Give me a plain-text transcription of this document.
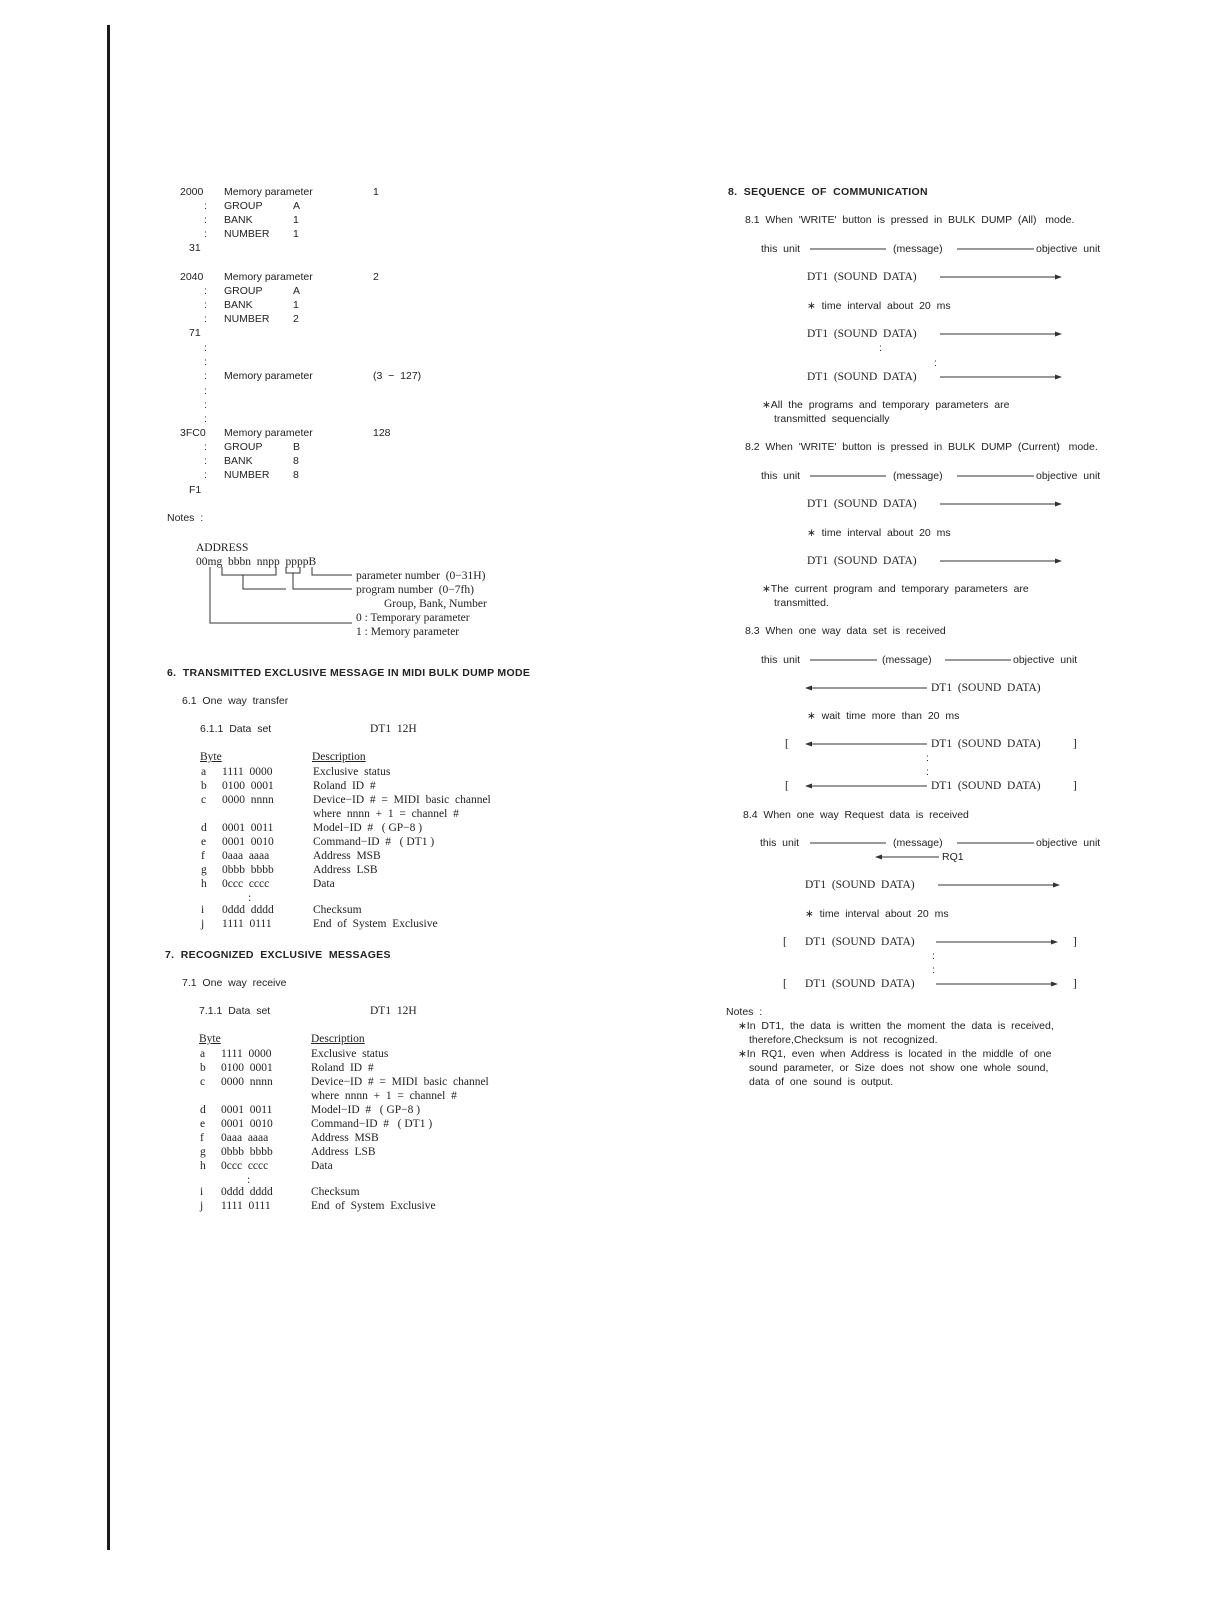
2000 Memory parameter	1
: GROUP	A
: BANK	1
: NUMBER 1
31
2040 Memory parameter	2
: GROUP	A
: BANK	1
: NUMBER 2
71
:
:
: Memory parameter	(3  −  127)
:
:
:
3FC0 Memory parameter	128
: GROUP	B
: BANK	8
: NUMBER 8
F1
Notes  :
ADDRESS
00mg  bbbn  nnpp  ppppB
parameter number  (0−31H)
program number  (0−7fh)
Group, Bank, Number
0 : Temporary parameter
1 : Memory parameter
6.  TRANSMITTED EXCLUSIVE MESSAGE IN MIDI BULK DUMP MODE
6.1  One  way  transfer
6.1.1  Data  set	DT1  12H
Byte	Description
a 1111  0000	Exclusive  status
b 0100  0001	Roland  ID  #
c 0000  nnnn	Device−ID  #  =  MIDI  basic  channel
where  nnnn  +  1  =  channel  #
d 0001  0011	Model−ID  #   ( GP−8 )
e 0001  0010	Command−ID  #   ( DT1 )
f 0aaa  aaaa	Address  MSB
g 0bbb  bbbb	Address  LSB
h 0ccc  cccc	Data
:
i 0ddd  dddd	Checksum
j 1111  0111	End  of  System  Exclusive
7.  RECOGNIZED  EXCLUSIVE  MESSAGES
7.1  One  way  receive
7.1.1  Data  set	DT1  12H
Byte	Description
a 1111  0000	Exclusive  status
b 0100  0001	Roland  ID  #
c 0000  nnnn	Device−ID  #  =  MIDI  basic  channel
where  nnnn  +  1  =  channel  #
d 0001  0011	Model−ID  #   ( GP−8 )
e 0001  0010	Command−ID  #   ( DT1 )
f 0aaa  aaaa	Address  MSB
g 0bbb  bbbb	Address  LSB
h 0ccc  cccc	Data
:
i 0ddd  dddd	Checksum
j 1111  0111	End  of  System  Exclusive
8.  SEQUENCE  OF  COMMUNICATION
8.1  When  'WRITE'  button  is  pressed  in  BULK  DUMP  (All)   mode.
this  unit	(message)	objective  unit
DT1  (SOUND  DATA)
∗  time  interval  about  20  ms
DT1  (SOUND  DATA)
:
:
DT1  (SOUND  DATA)
∗All  the  programs  and  temporary  parameters  are
transmitted  sequencially
8.2  When  'WRITE'  button  is  pressed  in  BULK  DUMP  (Current)   mode.
this  unit	(message)	objective  unit
DT1  (SOUND  DATA)
∗  time  interval  about  20  ms
DT1  (SOUND  DATA)
∗The  current  program  and  temporary  parameters  are
transmitted.
8.3  When  one  way  data  set  is  received
this  unit	(message)	objective  unit
DT1  (SOUND  DATA)
∗  wait  time  more  than  20  ms
[	DT1  (SOUND  DATA)	]
:
:
[	DT1  (SOUND  DATA)	]
8.4  When  one  way  Request  data  is  received
this  unit	(message)	objective  unit
RQ1
DT1  (SOUND  DATA)
∗  time  interval  about  20  ms
[ DT1  (SOUND  DATA)	]
:
:
[ DT1  (SOUND  DATA)	]
Notes  :
∗In  DT1,  the  data  is  written  the  moment  the  data  is  received,
therefore,Checksum  is  not  recognized.
∗In  RQ1,  even  when  Address  is  located  in  the  middle  of  one
sound  parameter,  or  Size  does  not  show  one  whole  sound,
data  of  one  sound  is  output.
